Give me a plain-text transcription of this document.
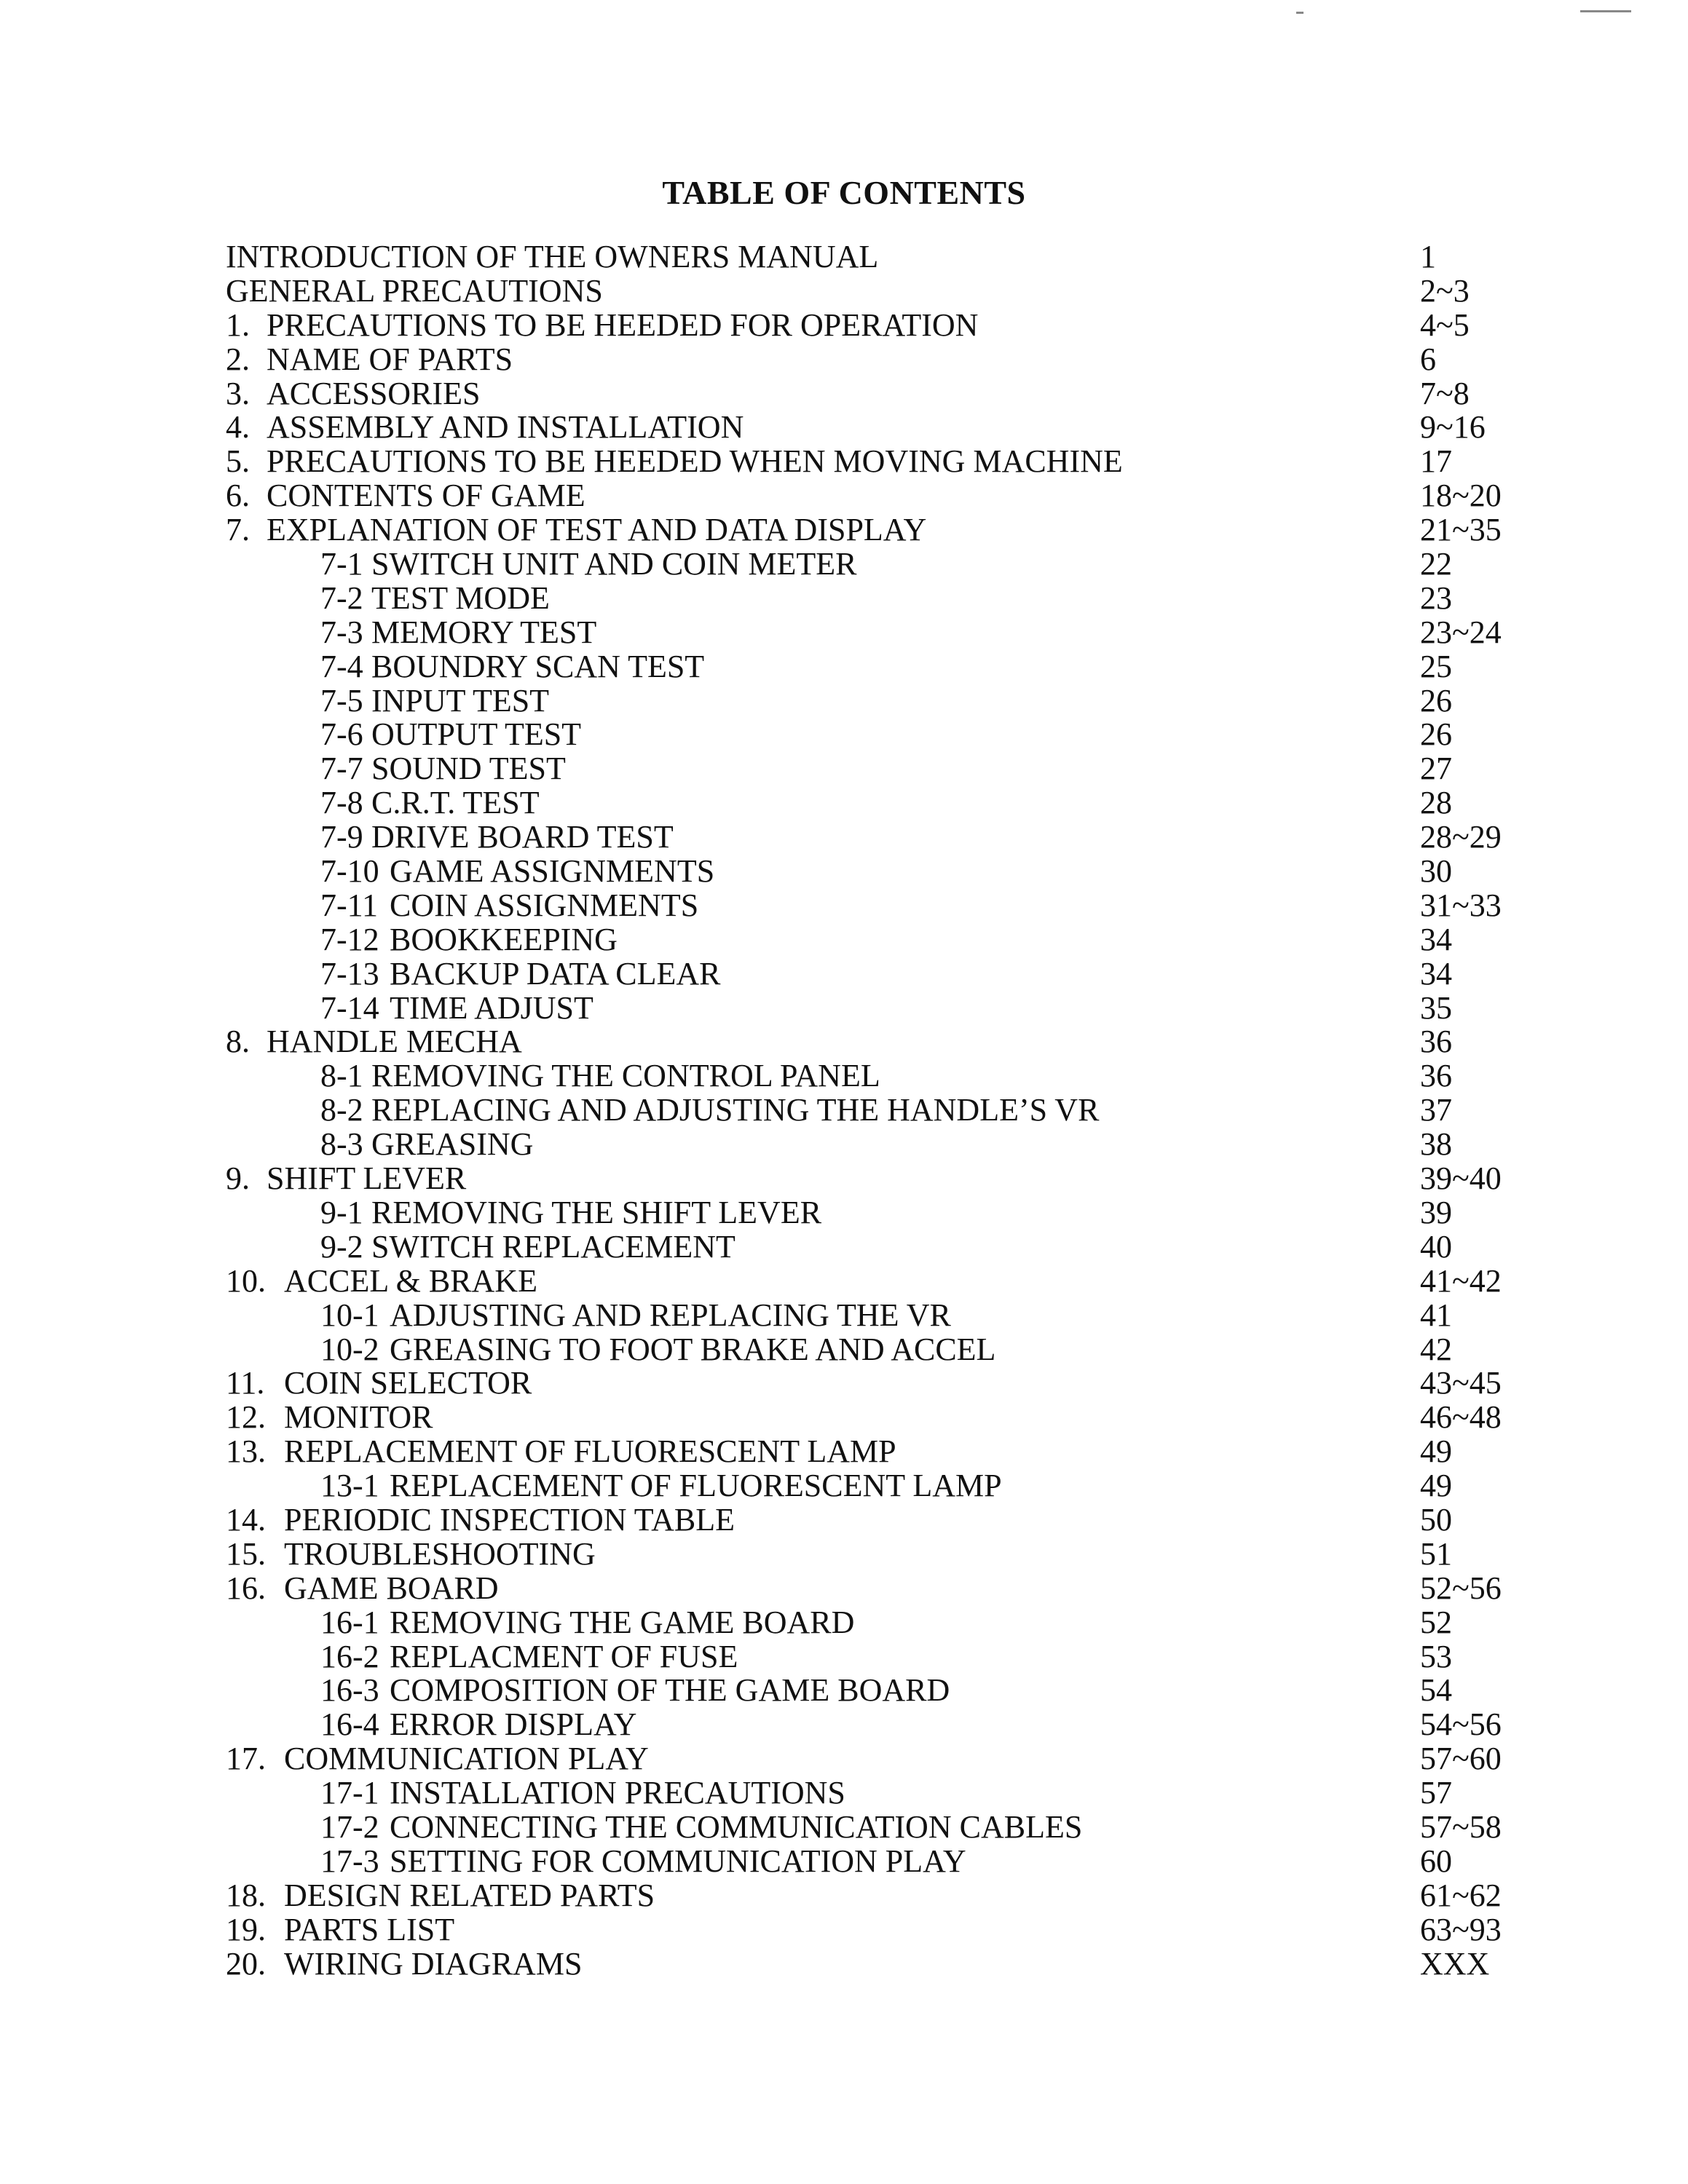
TABLE OF CONTENTS
INTRODUCTION OF THE OWNERS MANUAL	1
GENERAL PRECAUTIONS	2~3
1. PRECAUTIONS TO BE HEEDED FOR OPERATION	4~5
2. NAME OF PARTS	6
3. ACCESSORIES	7~8
4. ASSEMBLY AND INSTALLATION	9~16
5. PRECAUTIONS TO BE HEEDED WHEN MOVING MACHINE	17
6. CONTENTS OF GAME	18~20
7. EXPLANATION OF TEST AND DATA DISPLAY	21~35
7-1 SWITCH UNIT AND COIN METER	22
7-2 TEST MODE	23
7-3 MEMORY TEST	23~24
7-4 BOUNDRY SCAN TEST	25
7-5 INPUT TEST	26
7-6 OUTPUT TEST	26
7-7 SOUND TEST	27
7-8 C.R.T. TEST	28
7-9 DRIVE BOARD TEST	28~29
7-10 GAME ASSIGNMENTS	30
7-11 COIN ASSIGNMENTS	31~33
7-12 BOOKKEEPING	34
7-13 BACKUP DATA CLEAR	34
7-14 TIME ADJUST	35
8. HANDLE MECHA	36
8-1 REMOVING THE CONTROL PANEL	36
8-2 REPLACING AND ADJUSTING THE HANDLE’S VR	37
8-3 GREASING	38
9. SHIFT LEVER	39~40
9-1 REMOVING THE SHIFT LEVER	39
9-2 SWITCH REPLACEMENT	40
10. ACCEL & BRAKE	41~42
10-1 ADJUSTING AND REPLACING THE VR	41
10-2 GREASING TO FOOT BRAKE AND ACCEL	42
11. COIN SELECTOR	43~45
12. MONITOR	46~48
13. REPLACEMENT OF FLUORESCENT LAMP	49
13-1 REPLACEMENT OF FLUORESCENT LAMP	49
14. PERIODIC INSPECTION TABLE	50
15. TROUBLESHOOTING	51
16. GAME BOARD	52~56
16-1 REMOVING THE GAME BOARD	52
16-2 REPLACMENT OF FUSE	53
16-3 COMPOSITION OF THE GAME BOARD	54
16-4 ERROR DISPLAY	54~56
17. COMMUNICATION PLAY	57~60
17-1 INSTALLATION PRECAUTIONS	57
17-2 CONNECTING THE COMMUNICATION CABLES	57~58
17-3 SETTING FOR COMMUNICATION PLAY	60
18. DESIGN RELATED PARTS	61~62
19. PARTS LIST	63~93
20. WIRING DIAGRAMS	XXX
